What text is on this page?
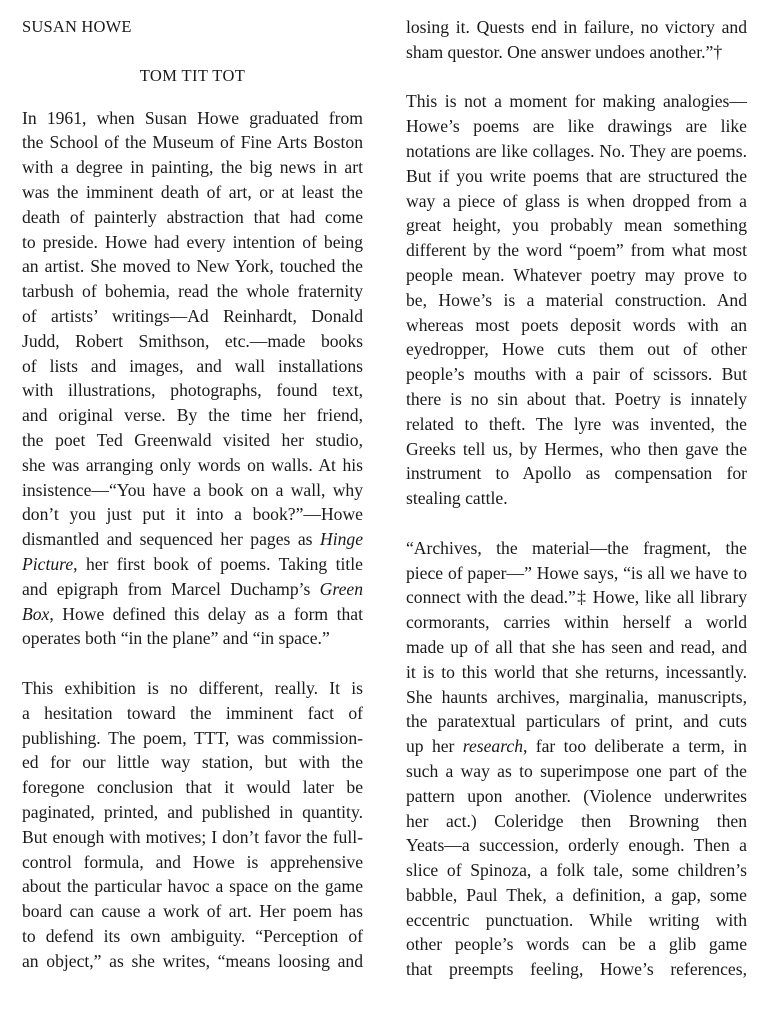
SUSAN HOWE
TOM TIT TOT
In 1961, when Susan Howe graduated from
the School of the Museum of Fine Arts Boston
with a degree in painting, the big news in art
was the imminent death of art, or at least the
death of painterly abstraction that had come
to preside. Howe had every intention of being
an artist. She moved to New York, touched the
tarbush of bohemia, read the whole fraternity
of artists’ writings—Ad Reinhardt, Donald
Judd, Robert Smithson, etc.—made books
of lists and images, and wall installations
with illustrations, photographs, found text,
and original verse. By the time her friend,
the poet Ted Greenwald visited her studio,
she was arranging only words on walls. At his
insistence—“You have a book on a wall, why
don’t you just put it into a book?”—Howe
dismantled and sequenced her pages as Hinge
Picture, her first book of poems. Taking title
and epigraph from Marcel Duchamp’s Green
Box, Howe defined this delay as a form that
operates both “in the plane” and “in space.”
This exhibition is no different, really. It is
a hesitation toward the imminent fact of
publishing. The poem, TTT, was commission-
ed for our little way station, but with the
foregone conclusion that it would later be
paginated, printed, and published in quantity.
But enough with motives; I don’t favor the full-
control formula, and Howe is apprehensive
about the particular havoc a space on the game
board can cause a work of art. Her poem has
to defend its own ambiguity. “Perception of
an object,” as she writes, “means loosing and
losing it. Quests end in failure, no victory and
sham questor. One answer undoes another.”†
This is not a moment for making analogies—
Howe’s poems are like drawings are like
notations are like collages. No. They are poems.
But if you write poems that are structured the
way a piece of glass is when dropped from a
great height, you probably mean something
different by the word “poem” from what most
people mean. Whatever poetry may prove to
be, Howe’s is a material construction. And
whereas most poets deposit words with an
eyedropper, Howe cuts them out of other
people’s mouths with a pair of scissors. But
there is no sin about that. Poetry is innately
related to theft. The lyre was invented, the
Greeks tell us, by Hermes, who then gave the
instrument to Apollo as compensation for
stealing cattle.
“Archives, the material—the fragment, the
piece of paper—” Howe says, “is all we have to
connect with the dead.”‡ Howe, like all library
cormorants, carries within herself a world
made up of all that she has seen and read, and
it is to this world that she returns, incessantly.
She haunts archives, marginalia, manuscripts,
the paratextual particulars of print, and cuts
up her research, far too deliberate a term, in
such a way as to superimpose one part of the
pattern upon another. (Violence underwrites
her act.) Coleridge then Browning then
Yeats—a succession, orderly enough. Then a
slice of Spinoza, a folk tale, some children’s
babble, Paul Thek, a definition, a gap, some
eccentric punctuation. While writing with
other people’s words can be a glib game
that preempts feeling, Howe’s references,
